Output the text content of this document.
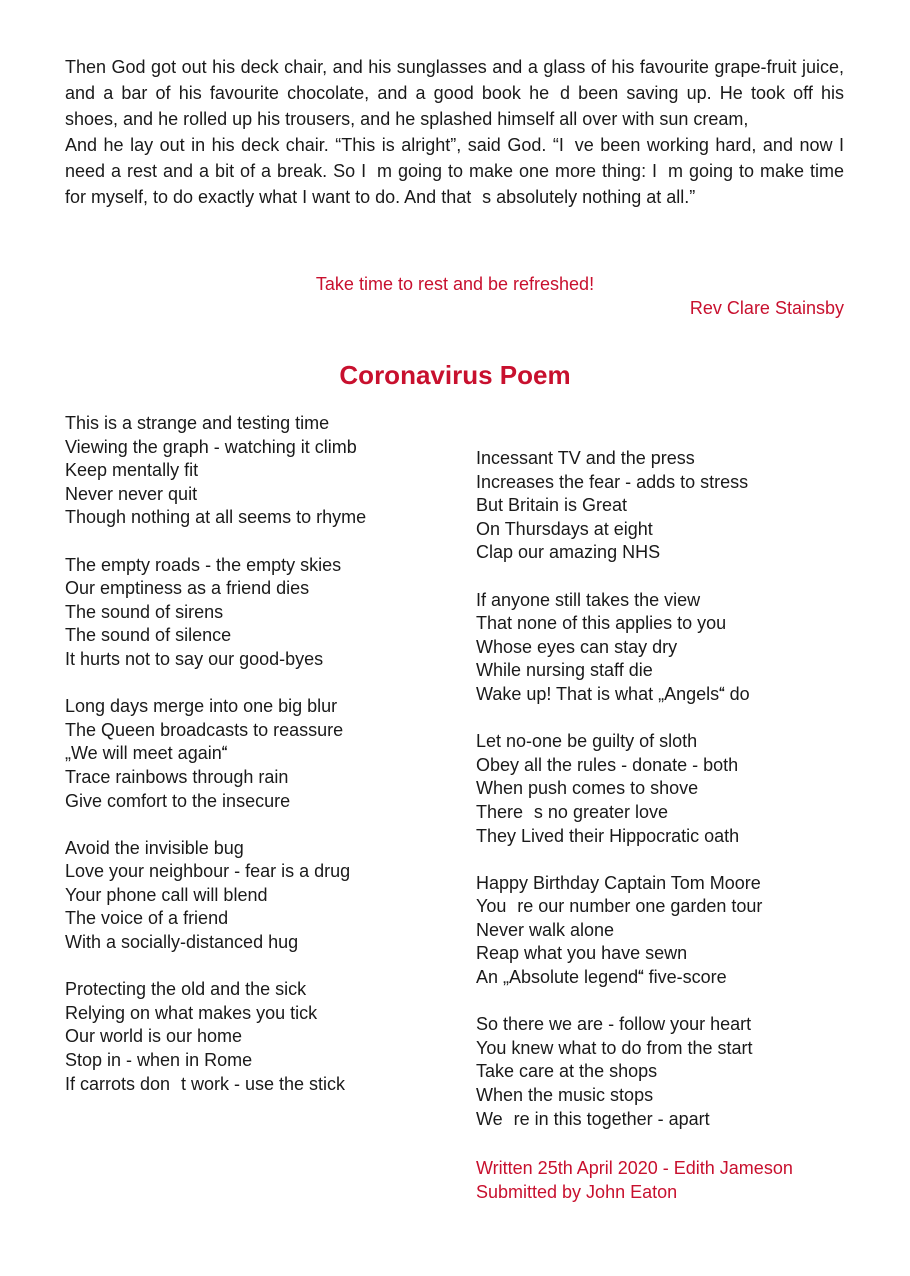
Then God got out his deck chair, and his sunglasses and a glass of his favourite grape-fruit juice, and a bar of his favourite chocolate, and a good book hed been saving up. He took off his shoes, and he rolled up his trousers, and he splashed himself all over with sun cream,

And he lay out in his deck chair. “This is alright”, said God. “Ive been working hard, and now I need a rest and a bit of a break. So Im going to make one more thing: Im going to make time for myself, to do exactly what I want to do. And thats absolutely nothing at all.”

Take time to rest and be refreshed!
Rev Clare Stainsby
Coronavirus Poem
This is a strange and testing time
Viewing the graph - watching it climb
Keep mentally fit
Never never quit
Though nothing at all seems to rhyme
The empty roads - the empty skies
Our emptiness as a friend dies
The sound of sirens
The sound of silence
It hurts not to say our good-byes
Long days merge into one big blur
The Queen broadcasts to reassure
„We will meet again
Trace rainbows through rain
Give comfort to the insecure
Avoid the invisible bug
Love your neighbour - fear is a drug
Your phone call will blend
The voice of a friend
With a socially-distanced hug
Protecting the old and the sick
Relying on what makes you tick
Our world is our home
Stop in - when in Rome
If carrots dont work - use the stick
Incessant TV and the press
Increases the fear - adds to stress
But Britain is Great
On Thursdays at eight
Clap our amazing NHS
If anyone still takes the view
That none of this applies to you
Whose eyes can stay dry
While nursing staff die
Wake up! That is what „Angels do
Let no-one be guilty of sloth
Obey all the rules - donate - both
When push comes to shove
Theres no greater love
They Lived their Hippocratic oath
Happy Birthday Captain Tom Moore
Youre our number one garden tour
Never walk alone
Reap what you have sewn
An „Absolute legend five-score
So there we are - follow your heart
You knew what to do from the start
Take care at the shops
When the music stops
Were in this together - apart
Written 25th April 2020 - Edith Jameson
Submitted by John Eaton
